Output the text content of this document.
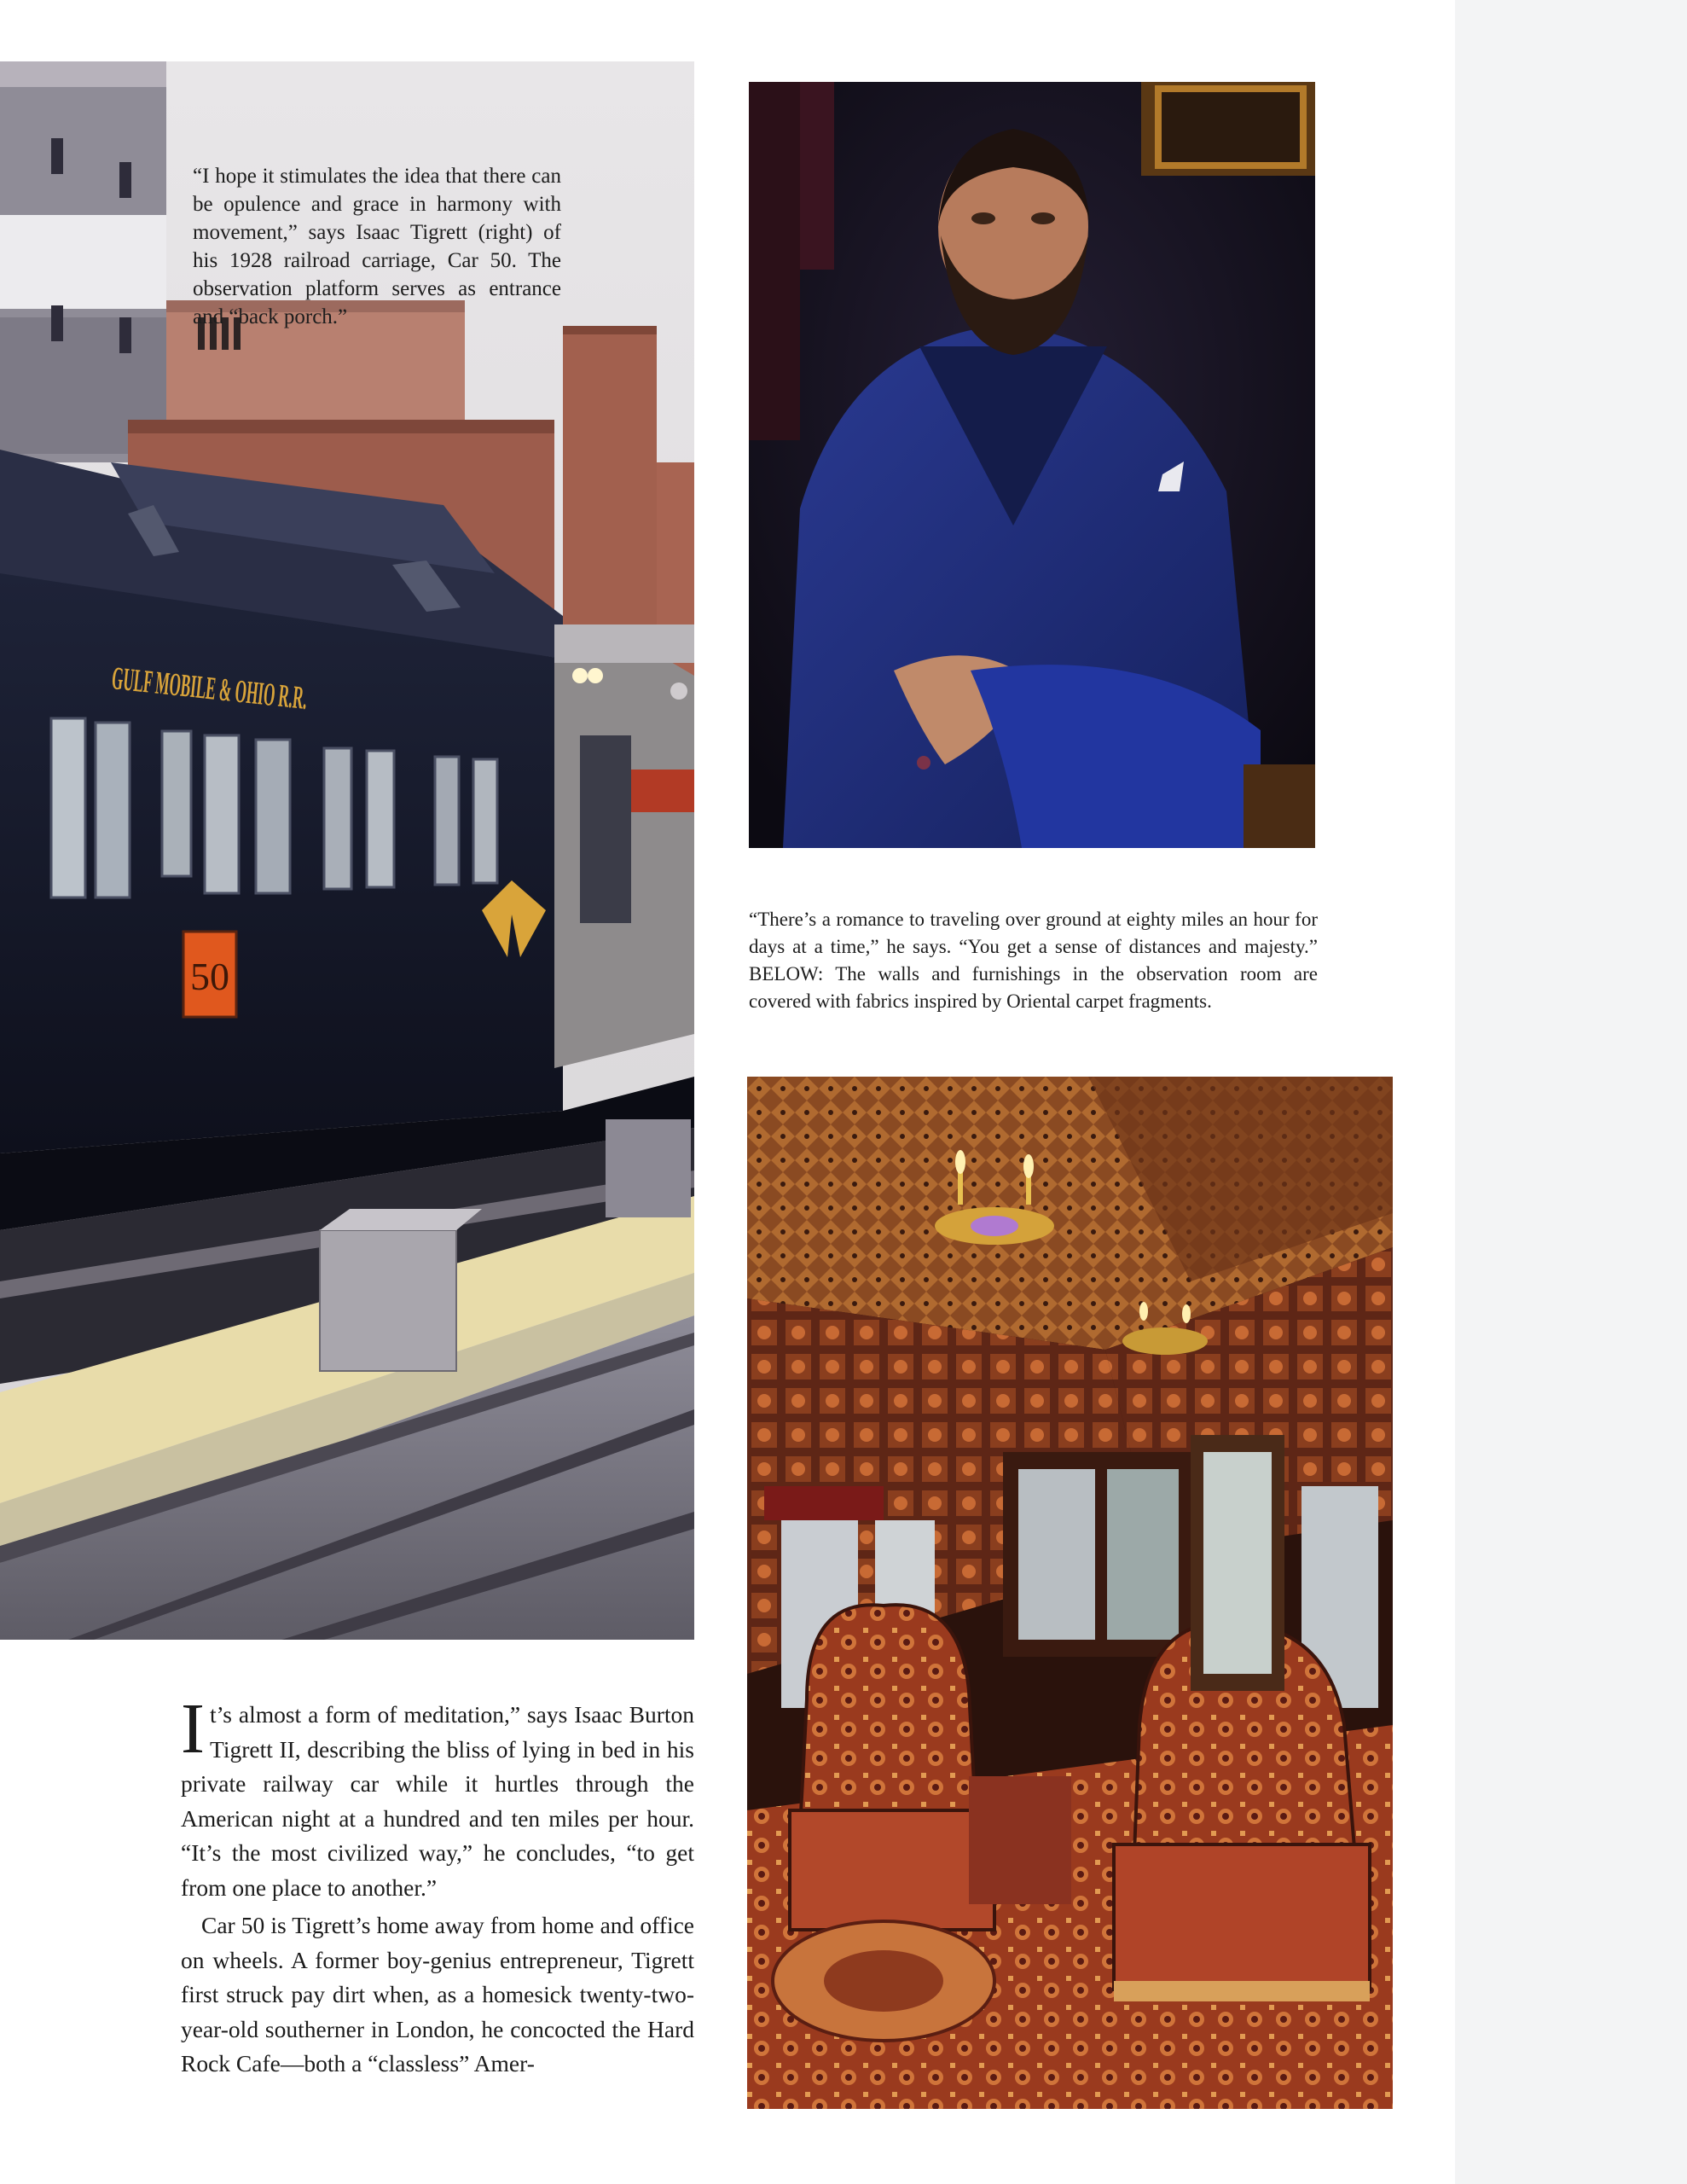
50

“I hope it stimulates the idea that there can be opulence and grace in harmony with movement,” says Isaac Tigrett (right) of his 1928 railroad carriage, Car 50. The observation platform serves as entrance and “back porch.”

“There’s a romance to traveling over ground at eighty miles an hour for days at a time,” he says. “You get a sense of distances and majesty.” BELOW: The walls and furnishings in the observation room are covered with fabrics inspired by Oriental carpet fragments.

It’s almost a form of meditation,” says Isaac Burton Tigrett II, describing the bliss of lying in bed in his private railway car while it hurtles through the American night at a hundred and ten miles per hour. “It’s the most civilized way,” he concludes, “to get from one place to another.”

Car 50 is Tigrett’s home away from home and office on wheels. A former boy-genius entrepreneur, Tigrett first struck pay dirt when, as a homesick twenty-two-year-old southerner in London, he concocted the Hard Rock Cafe—both a “classless” Amer-
